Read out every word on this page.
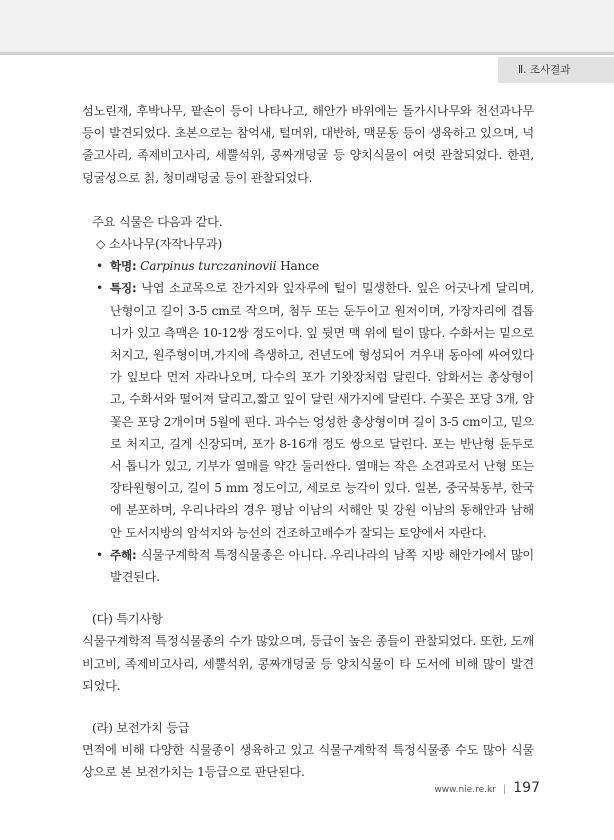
Ⅱ. 조사결과

섬노린재, 후박나무, 팥손이 등이 나타나고, 해안가 바위에는 돌가시나무와 천선과나무 등이 발견되었다. 초본으로는 참억새, 털머위, 대반하, 맥문동 등이 생육하고 있으며, 넉줄고사리, 족제비고사리, 세뿔석위, 콩짜개덩굴 등 양치식물이 여럿 관찰되었다. 한편, 덩굴성으로 칡, 청미래덩굴 등이 관찰되었다.

주요 식물은 다음과 같다.

◇ 소사나무(자작나무과)

• 학명: Carpinus turczaninovii Hance
• 특징: 낙엽 소교목으로 잔가지와 잎자루에 털이 밀생한다. 잎은 어긋나게 달리며, 난형이고 길이 3-5 cm로 작으며, 첨두 또는 둔두이고 원저이며, 가장자리에 겹톱니가 있고 측맥은 10-12쌍 정도이다. 잎 뒷면 맥 위에 털이 많다. 수화서는 밑으로 처지고, 원주형이며,가지에 측생하고, 전년도에 형성되어 겨우내 동아에 싸여있다가 잎보다 먼저 자라나오며, 다수의 포가 기왓장처럼 달린다. 암화서는 총상형이고, 수화서와 떨어져 달리고,짧고 잎이 달린 새가지에 달린다. 수꽃은 포당 3개, 암꽃은 포당 2개이며 5월에 핀다. 과수는 엉성한 총상형이며 길이 3-5 cm이고, 밑으로 처지고, 길게 신장되며, 포가 8-16개 정도 쌍으로 달린다. 포는 반난형 둔두로서 톱니가 있고, 기부가 열매를 약간 둘러싼다. 열매는 작은 소견과로서 난형 또는 장타원형이고, 길이 5 mm 정도이고, 세로로 능각이 있다. 일본, 중국북동부, 한국에 분포하며, 우리나라의 경우 평남 이남의 서해안 및 강원 이남의 동해안과 남해안 도서지방의 암석지와 능선의 건조하고배수가 잘되는 토양에서 자란다.
• 주해: 식물구계학적 특정식물종은 아니다. 우리나라의 남쪽 지방 해안가에서 많이 발견된다.

(다) 특기사항

식물구계학적 특정식물종의 수가 많았으며, 등급이 높은 종들이 관찰되었다. 또한, 도깨비고비, 족제비고사리, 세뿔석위, 콩짜개덩굴 등 양치식물이 타 도서에 비해 많이 발견되었다.

(라) 보전가치 등급

면적에 비해 다양한 식물종이 생육하고 있고 식물구계학적 특정식물종 수도 많아 식물상으로 본 보전가치는 1등급으로 판단된다.

www.nie.re.kr | 197
